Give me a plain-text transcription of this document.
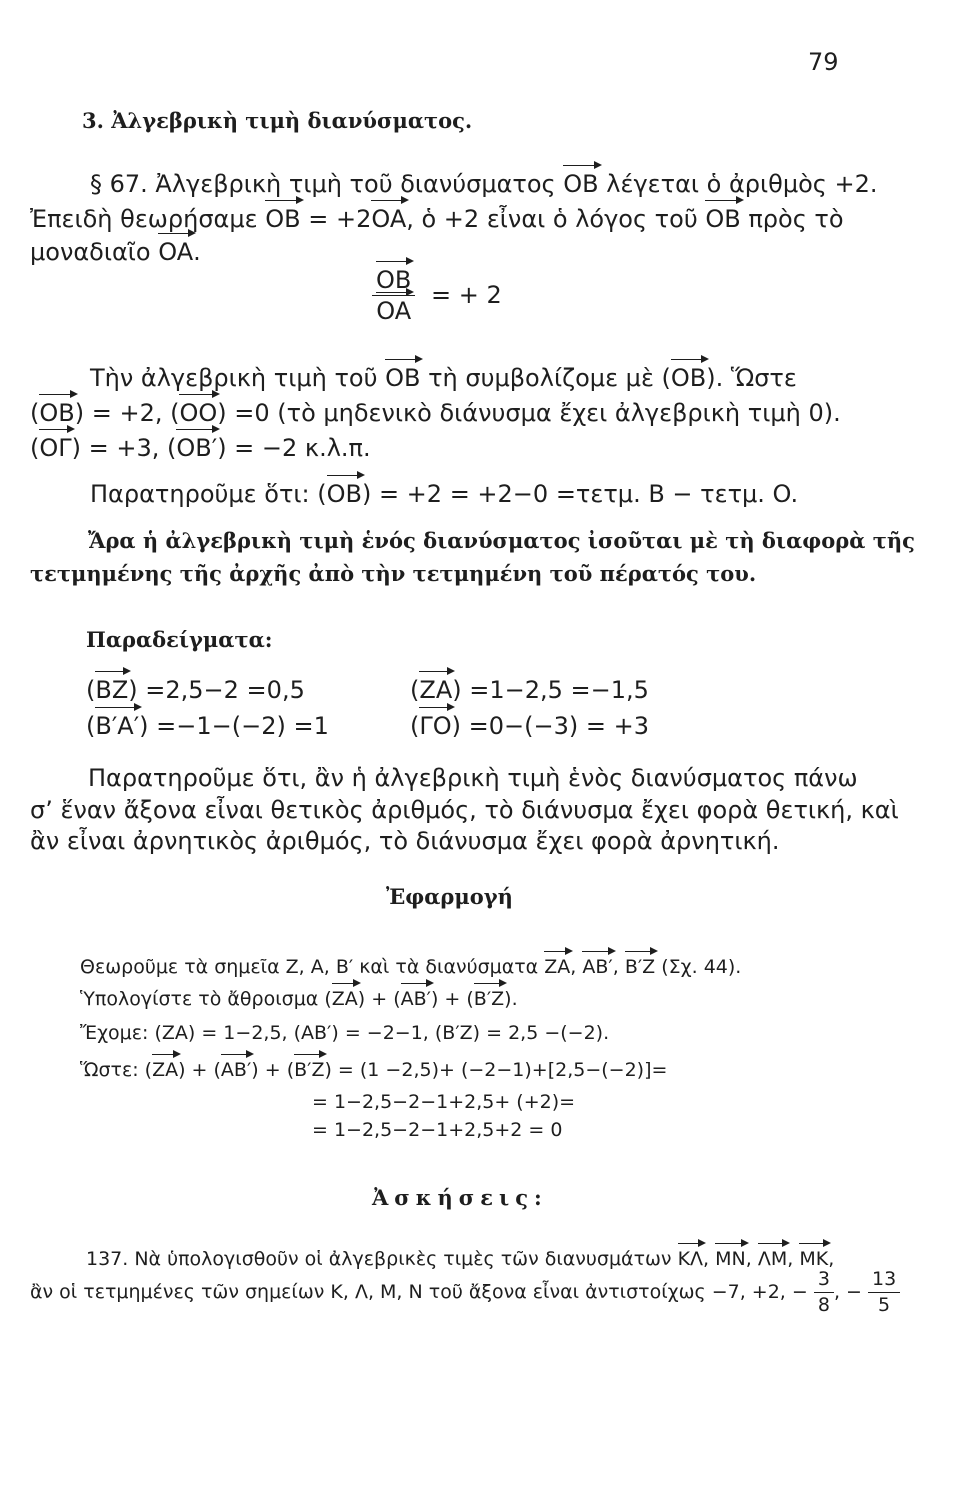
79
3. Ἀλγεβρικὴ τιμὴ διανύσματος.
§ 67. Ἀλγεβρικὴ τιμὴ τοῦ διανύσματος OB λέγεται ὁ ἀριθμὸς +2.
Ἐπειδὴ θεωρήσαμε OB = +2OA, ὁ +2 εἶναι ὁ λόγος τοῦ OB πρὸς τὸ
μοναδιαῖο OA.
$\frac{OB}{OA}$ = + 2
Τὴν ἀλγεβρικὴ τιμὴ τοῦ OB τὴ συμβολίζομε μὲ (OB). Ὥστε
(OB) = +2, (OO) =0 (τὸ μηδενικὸ διάνυσμα ἔχει ἀλγεβρικὴ τιμὴ 0).
(OΓ) = +3, (OB′) = −2 κ.λ.π.
Παρατηροῦμε ὅτι: (OB) = +2 = +2−0 =τετμ. B − τετμ. O.
Ἄρα ἡ ἀλγεβρικὴ τιμὴ ἑνός διανύσματος ἰσοῦται μὲ τὴ διαφορὰ τῆς
τετμημένης τῆς ἀρχῆς ἀπὸ τὴν τετμημένη τοῦ πέρατός του.
Παραδείγματα:
(BZ) =2,5−2 =0,5	(ZA) =1−2,5 =−1,5
(B′A′) =−1−(−2) =1	(ΓO) =0−(−3) = +3
Παρατηροῦμε ὅτι, ἂν ἡ ἀλγεβρικὴ τιμὴ ἑνὸς διανύσματος πάνω
σ’ ἕναν ἄξονα εἶναι θετικὸς ἀριθμός, τὸ διάνυσμα ἔχει φορὰ θετική, καὶ
ἂν εἶναι ἀρνητικὸς ἀριθμός, τὸ διάνυσμα ἔχει φορὰ ἀρνητική.
Ἐφαρμογή
Θεωροῦμε τὰ σημεῖα Z, A, B′ καὶ τὰ διανύσματα ZA, AB′, B′Z (Σχ. 44).
Ὑπολογίστε τὸ ἄθροισμα (ZA) + (AB′) + (B′Z).
Ἔχομε: (ZA) = 1−2,5, (AB′) = −2−1, (B′Z) = 2,5 −(−2).
Ὥστε: (ZA) + (AB′) + (B′Z) = (1 −2,5)+ (−2−1)+[2,5−(−2)]=
= 1−2,5−2−1+2,5+ (+2)=
= 1−2,5−2−1+2,5+2 = 0
Ἀσκήσεις:
137. Νὰ ὑπολογισθοῦν οἱ ἀλγεβρικὲς τιμὲς τῶν διανυσμάτων KΛ, MN, ΛM, MK,
ἂν οἱ τετμημένες τῶν σημείων K, Λ, M, N τοῦ ἄξονα εἶναι ἀντιστοίχως −7, +2, − $\frac{3}{8}$ , − $\frac{13}{5}$
